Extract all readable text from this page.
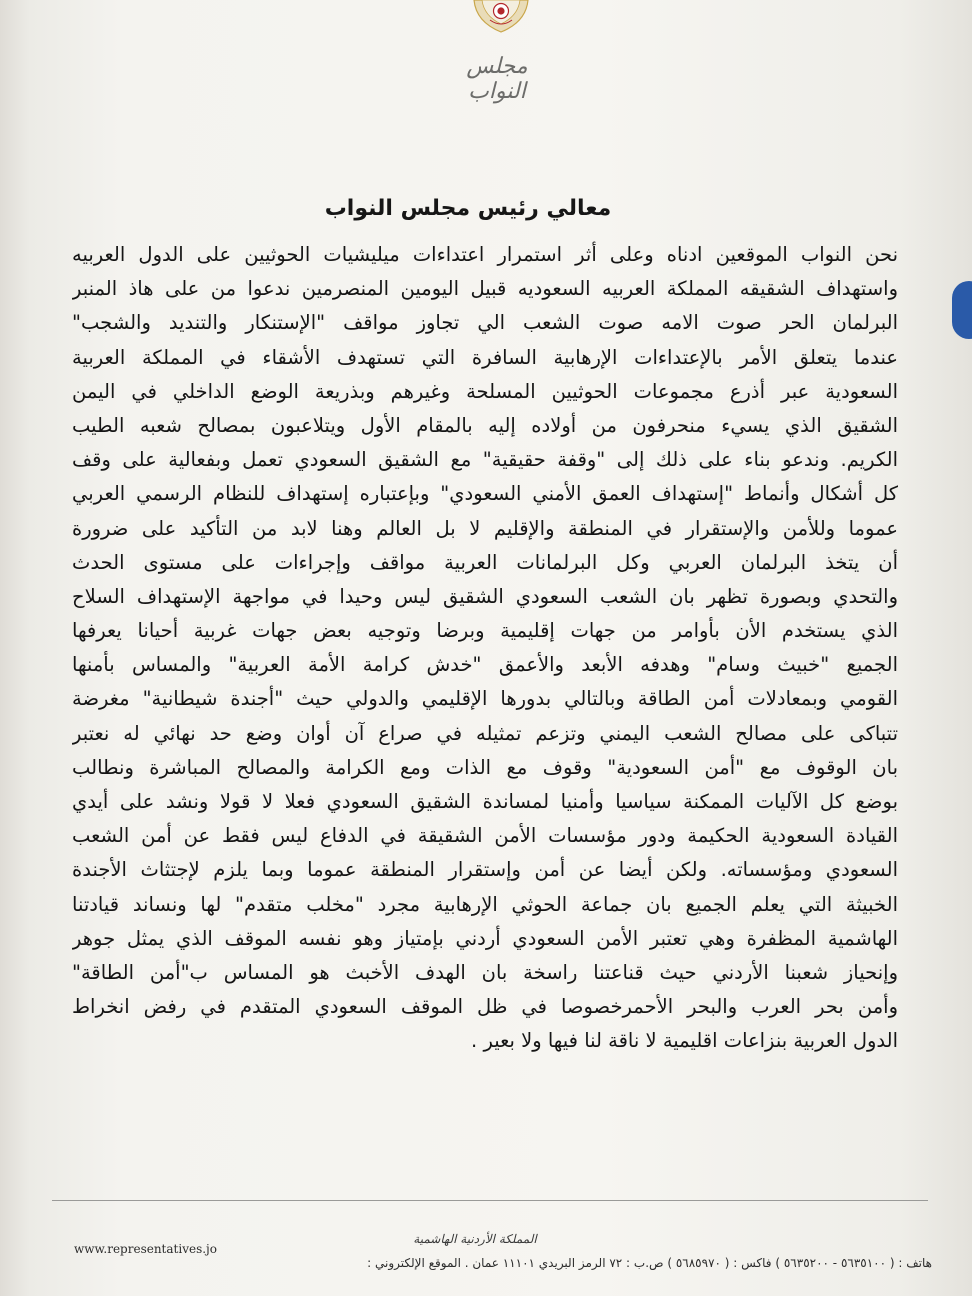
مجلس النواب
معالي رئيس مجلس النواب
نحن النواب الموقعين ادناه وعلى أثر استمرار اعتداءات ميليشيات الحوثيين على الدول العربيه
واستهداف الشقيقه المملكة العربيه السعوديه قبيل اليومين المنصرمين ندعوا من على هاذ المنبر
البرلمان الحر صوت الامه صوت الشعب الي تجاوز مواقف "الإستنكار والتنديد والشجب"
عندما يتعلق الأمر بالإعتداءات الإرهابية السافرة التي تستهدف الأشقاء في المملكة العربية
السعودية عبر أذرع مجموعات الحوثيين المسلحة وغيرهم وبذريعة الوضع الداخلي في اليمن
الشقيق الذي يسيء منحرفون من أولاده إليه بالمقام الأول ويتلاعبون بمصالح شعبه الطيب
الكريم. وندعو بناء على ذلك إلى "وقفة حقيقية" مع الشقيق السعودي تعمل وبفعالية على وقف
كل أشكال وأنماط "إستهداف العمق الأمني السعودي" وبإعتباره إستهداف للنظام الرسمي العربي
عموما وللأمن والإستقرار في المنطقة والإقليم لا بل العالم وهنا لابد من التأكيد على ضرورة
أن يتخذ البرلمان العربي وكل البرلمانات العربية مواقف وإجراءات على مستوى الحدث
والتحدي وبصورة تظهر بان الشعب السعودي الشقيق ليس وحيدا في مواجهة الإستهداف السلاح
الذي يستخدم الأن بأوامر من جهات إقليمية وبرضا وتوجيه بعض جهات غربية أحيانا يعرفها
الجميع "خبيث وسام" وهدفه الأبعد والأعمق "خدش كرامة الأمة العربية" والمساس بأمنها
القومي وبمعادلات أمن الطاقة وبالتالي بدورها الإقليمي والدولي حيث "أجندة شيطانية" مغرضة
تتباكى على مصالح الشعب اليمني وتزعم تمثيله في صراع آن أوان وضع حد نهائي له نعتبر
بان الوقوف مع "أمن السعودية" وقوف مع الذات ومع الكرامة والمصالح المباشرة ونطالب
بوضع كل الآليات الممكنة سياسيا وأمنيا لمساندة الشقيق السعودي فعلا لا قولا ونشد على أيدي
القيادة السعودية الحكيمة ودور مؤسسات الأمن الشقيقة في الدفاع ليس فقط عن أمن الشعب
السعودي ومؤسساته. ولكن أيضا عن أمن وإستقرار المنطقة عموما وبما يلزم لإجتثاث الأجندة
الخبيثة التي يعلم الجميع بان جماعة الحوثي الإرهابية مجرد "مخلب متقدم" لها ونساند قيادتنا
الهاشمية المظفرة وهي تعتبر الأمن السعودي أردني بإمتياز وهو نفسه الموقف الذي يمثل جوهر
وإنحياز شعبنا الأردني حيث قناعتنا راسخة بان الهدف الأخبث هو المساس ب"أمن الطاقة"
وأمن بحر العرب والبحر الأحمرخصوصا في ظل الموقف السعودي المتقدم في رفض انخراط
الدول العربية بنزاعات اقليمية لا ناقة لنا فيها ولا بعير .
المملكة الأردنية الهاشمية
www.representatives.jo
هاتف : ( ٥٦٣٥١٠٠ - ٥٦٣٥٢٠٠ ) فاكس : ( ٥٦٨٥٩٧٠ ) ص.ب : ٧٢ الرمز البريدي ١١١٠١ عمان . الموقع الإلكتروني :
